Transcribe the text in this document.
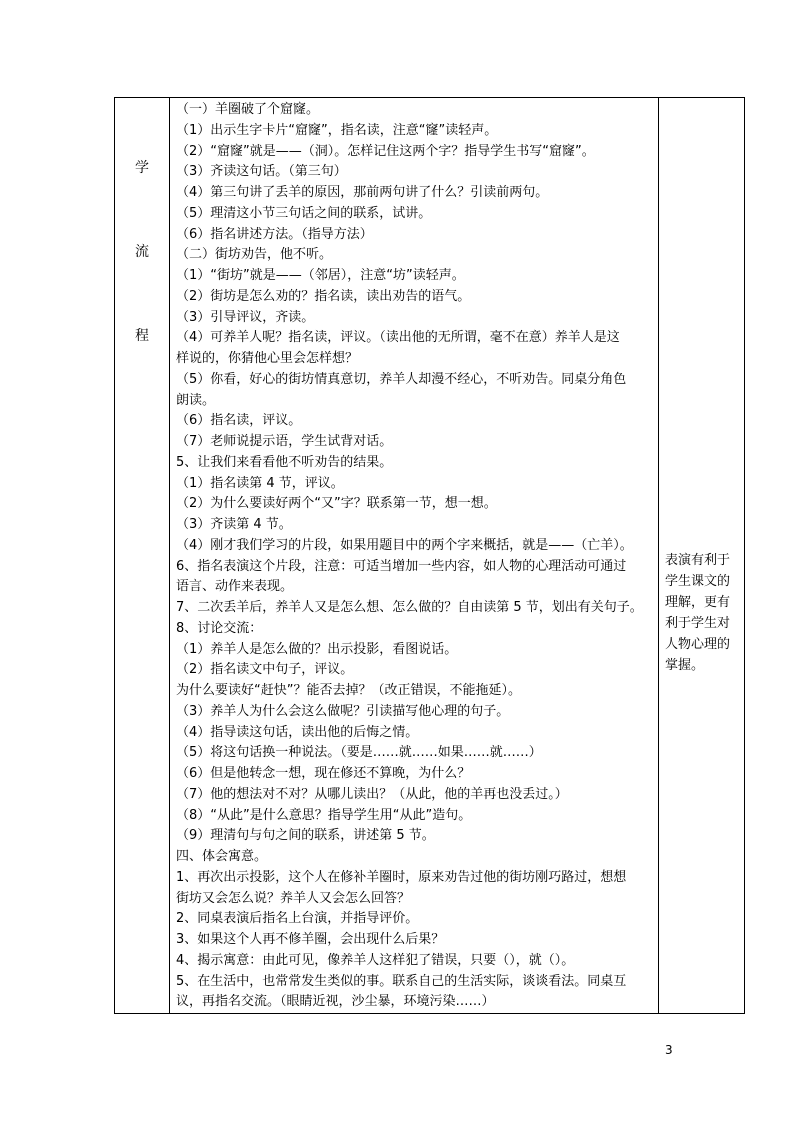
学
流
程
（一）羊圈破了个窟窿。
（1）出示生字卡片“窟窿”，指名读，注意“窿”读轻声。
（2）“窟窿”就是——（洞）。怎样记住这两个字？指导学生书写“窟窿”。
（3）齐读这句话。（第三句）
（4）第三句讲了丢羊的原因，那前两句讲了什么？引读前两句。
（5）理清这小节三句话之间的联系，试讲。
（6）指名讲述方法。（指导方法）
（二）街坊劝告，他不听。
（1）“街坊”就是——（邻居），注意“坊”读轻声。
（2）街坊是怎么劝的？指名读，读出劝告的语气。
（3）引导评议，齐读。
（4）可养羊人呢？指名读，评议。（读出他的无所谓，毫不在意）养羊人是这
样说的，你猜他心里会怎样想？
（5）你看，好心的街坊情真意切，养羊人却漫不经心，不听劝告。同桌分角色
朗读。
（6）指名读，评议。
（7）老师说提示语，学生试背对话。
5、让我们来看看他不听劝告的结果。
（1）指名读第 4 节，评议。
（2）为什么要读好两个“又”字？联系第一节，想一想。
（3）齐读第 4 节。
（4）刚才我们学习的片段，如果用题目中的两个字来概括，就是——（亡羊）。
6、指名表演这个片段，注意：可适当增加一些内容，如人物的心理活动可通过
语言、动作来表现。
7、二次丢羊后，养羊人又是怎么想、怎么做的？自由读第 5 节，划出有关句子。
8、讨论交流：
（1）养羊人是怎么做的？出示投影，看图说话。
（2）指名读文中句子，评议。
为什么要读好“赶快”？能否去掉？（改正错误，不能拖延）。
（3）养羊人为什么会这么做呢？引读描写他心理的句子。
（4）指导读这句话，读出他的后悔之情。
（5）将这句话换一种说法。（要是……就……如果……就……）
（6）但是他转念一想，现在修还不算晚，为什么？
（7）他的想法对不对？从哪儿读出？（从此，他的羊再也没丢过。）
（8）“从此”是什么意思？指导学生用“从此”造句。
（9）理清句与句之间的联系，讲述第 5 节。
四、体会寓意。
1、再次出示投影，这个人在修补羊圈时，原来劝告过他的街坊刚巧路过，想想
街坊又会怎么说？养羊人又会怎么回答？
2、同桌表演后指名上台演，并指导评价。
3、如果这个人再不修羊圈，会出现什么后果？
4、揭示寓意：由此可见，像养羊人这样犯了错误，只要（），就（）。
5、在生活中，也常常发生类似的事。联系自己的生活实际，谈谈看法。同桌互
议，再指名交流。（眼睛近视，沙尘暴，环境污染……）
表演有利于学生课文的理解，更有利于学生对人物心理的掌握。
3
